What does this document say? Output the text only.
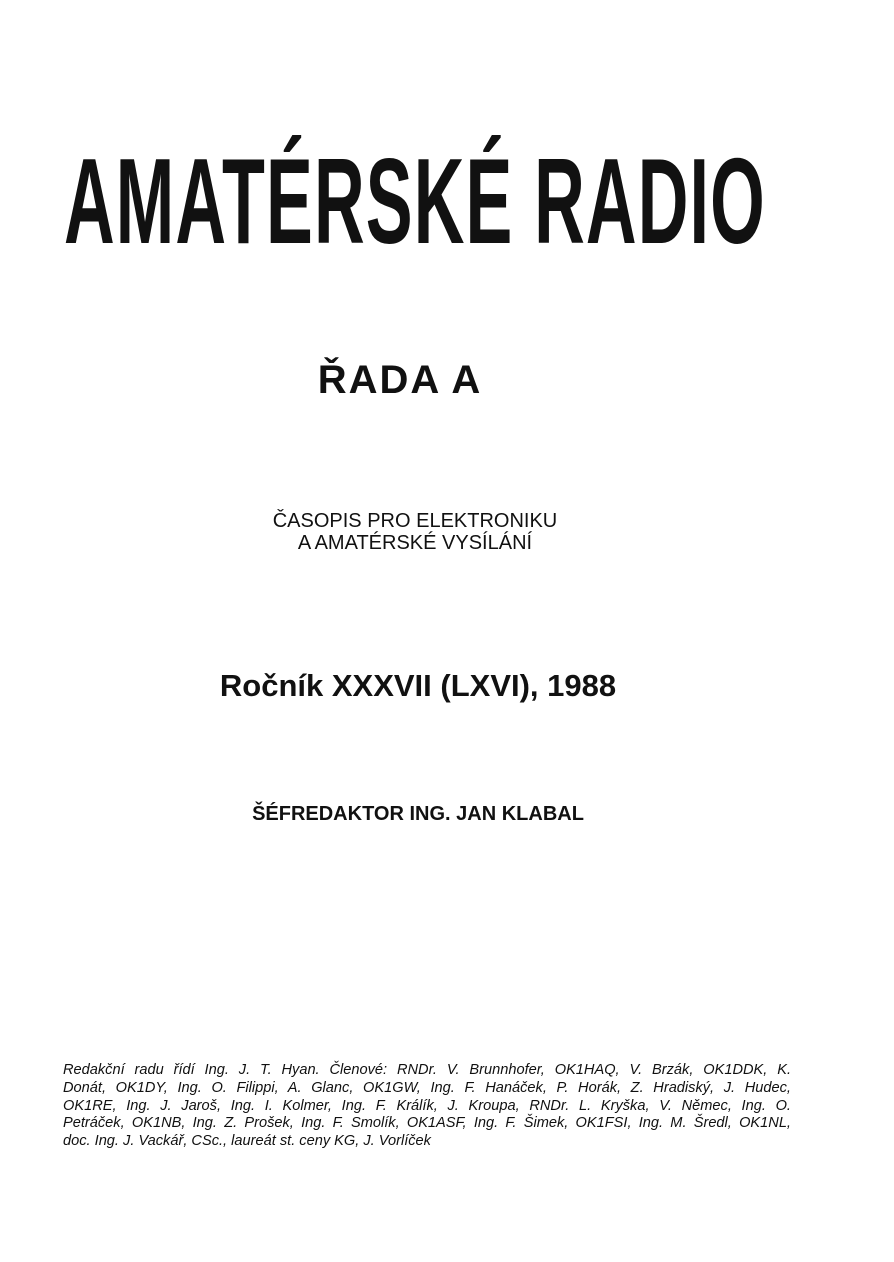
AMATÉRSKÉ RADIO
ŘADA A
ČASOPIS PRO ELEKTRONIKU
A AMATÉRSKÉ VYSÍLÁNÍ
Ročník XXXVII (LXVI), 1988
ŠÉFREDAKTOR ING. JAN KLABAL
Redakční radu řídí Ing. J. T. Hyan. Členové: RNDr. V. Brunnhofer, OK1HAQ, V. Brzák, OK1DDK, K.
Donát, OK1DY, Ing. O. Filippi, A. Glanc, OK1GW, Ing. F. Hanáček, P. Horák, Z. Hradiský, J. Hudec,
OK1RE, Ing. J. Jaroš, Ing. I. Kolmer, Ing. F. Králík, J. Kroupa, RNDr. L. Kryška, V. Němec, Ing. O.
Petráček, OK1NB, Ing. Z. Prošek, Ing. F. Smolík, OK1ASF, Ing. F. Šimek, OK1FSI, Ing. M. Šredl, OK1NL,
doc. Ing. J. Vackář, CSc., laureát st. ceny KG, J. Vorlíček
